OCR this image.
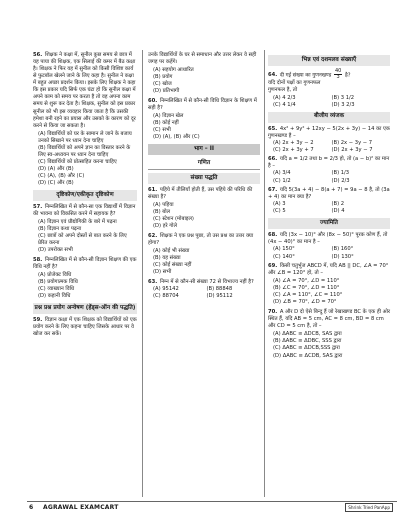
56. शिक्षक ने कक्षा में, सुनील कुछ समय से छात्र में यह पाया की शिक्षक, एक सिलाई की कमर में बैठ कक्षा है। शिक्षक ने फिर यह में सुनील को किसी विशिष्ट कार्य से फुटबॉल खेलने जाने के लिए कहा है। सुनील ने कक्षा में बहुत अच्छा प्रदर्शन किया। इसके लिए शिक्षक ने कहा कि इस प्रकार यदि सिर्फ एक घंटा हो कि सुनील कक्षा में अपने काम को समय पर करता है तो वह अपना काम समय से शुरू कर देता है। शिक्षक, सुनील को इस प्रकार सुनील को भी इस व्यवहार किया जाता है कि उसकी हमेशा बनी रहने का प्रयास और उसको के कारण को दूर करने से किया जा सकता है।
(A) विद्यार्थियों को घर के सामान ले जाने के बजाय उनको सिखाने पर ध्यान देना चाहिए
(B) विद्यार्थियों को अपने ज्ञान का विस्तार करने के लिए स्व-अध्ययन पर ध्यान देना चाहिए
(C) विद्यार्थियों को प्रोत्साहित करना चाहिए
(D) (A) और (B)
(C) (A), (B) और (C)
(D) (C) और (B)
दृष्टिकोण/एकीकृत दृष्टिकोण
57. निम्नलिखित में से कौन-सा एक विद्यार्थी में विज्ञान की भावना को विकसित करने में सहायक है?
(A) विज्ञान एवं प्रौद्योगिकी के बारे में पढ़ना
(B) विज्ञान कथा पढ़ना
(C) छात्रों को अपने दोस्तों से बात करने के लिए प्रेरित करना
(D) उपरोक्त सभी
58. निम्नलिखित में से कौन-सी विज्ञान शिक्षण की एक विधि नहीं है?
(A) प्रोजेक्ट विधि
(B) प्रयोगात्मक विधि
(C) व्याख्यान विधि
(D) कहानी विधि
प्रश्न प्रश्न प्रयोग अन्वेषण (हेंड्स-ऑन की पद्धति)
59. विज्ञान कक्षा में एक शिक्षक को विद्यार्थियों को एक प्रयोग करने के लिए कहना चाहिए जिसके आधार पर वे खोज कर सकें।
उनके विद्यार्थियों के घर से समाधान और उत्तर लेकर वे सही जगह पर कहेंगे।
(A) सहयोग आधारित
(B) प्रयोग
(C) खोज
(D) प्रतिभागी
60. निम्नलिखित में से कौन-सी विधि विज्ञान के शिक्षण में सही है?
(A) विज्ञान खेल
(B) कोई नहीं
(C) सभी
(D) (A), (B) और (C)
भाग – II
गणित
संख्या पद्धति
61. पहिये में तीलियाँ होती हैं, उस पहिये की परिधि की संख्या है?
(A) पहिया
(B) बोल
(C) स्टेशन (मोबाइल)
(D) हरे गोले
62. शिक्षक ने एक प्रश्न पूछा, तो उस प्रश्न का उत्तर क्या होगा?
(A) कोई भी संख्या
(B) यह संख्या
(C) कोई संख्या नहीं
(D) सभी
63. निम्न में से कौन-सी संख्या 72 से विभाज्य नहीं है?
(A) 95142	(B) 88848
(C) 88704	(D) 95112
भिन्न एवं दशमलव संख्याएँ
64. दी गई संख्या का गुणनखण्ड $\frac{40}{3}$ है?
यदि दोनों पक्षों का गुणनफल
गुणनफल है, तो
(A) 4 2/3	(B) 3 1/2
(C) 4 1/4	(D) 3 2/3
बीजीय व्यंजक
65. 4x² + 9y² + 12xy − 5(2x + 3y) − 14 का एक गुणनखण्ड है –
(A) 2x + 3y − 2	(B) 2x − 3y − 7
(C) 2x + 3y + 7	(D) 2x + 3y − 7
66. यदि a = 1/2 तथा b = 2/3 हो, तो (a − b)² का मान है –
(A) 3/4	(B) 1/3
(C) 1/2	(D) 2/3
67. यदि 5(3a + 4) − 8(a + 7) = 9a − 8 है, तो (3a + 4) का मान क्या है?
(A) 3	(B) 2
(C) 5	(D) 4
ज्यामिति
68. यदि (3x − 10)° और (8x − 50)° पूरक कोण हैं, तो (4x − 40)° का मान है –
(A) 150°	(B) 160°
(C) 140°	(D) 130°
69. किसी चतुर्भुज ABCD में, यदि AB || DC, ∠A = 70° और ∠B = 120° हो, तो –
(A) ∠A = 70°, ∠D = 110°
(B) ∠C = 70°, ∠D = 110°
(C) ∠A = 110°, ∠C = 110°
(D) ∠B = 70°, ∠D = 70°
70. A और D दो ऐसे बिन्दु हैं जो रेखाखण्ड BC के एक ही ओर स्थित हैं, यदि AB = 5 cm, AC = 8 cm, BD = 8 cm और CD = 5 cm है, तो –
(A) ΔABC ≅ ΔDCB, SAS द्वारा
(B) ΔABC ≅ ΔDBC, SSS द्वारा
(C) ΔABC ≅ ΔDCB,SSS द्वारा
(D) ΔABC ≅ ΔCDB, SAS द्वारा
6 AGRAWAL EXAMCART	Shrink Tried PanApp
